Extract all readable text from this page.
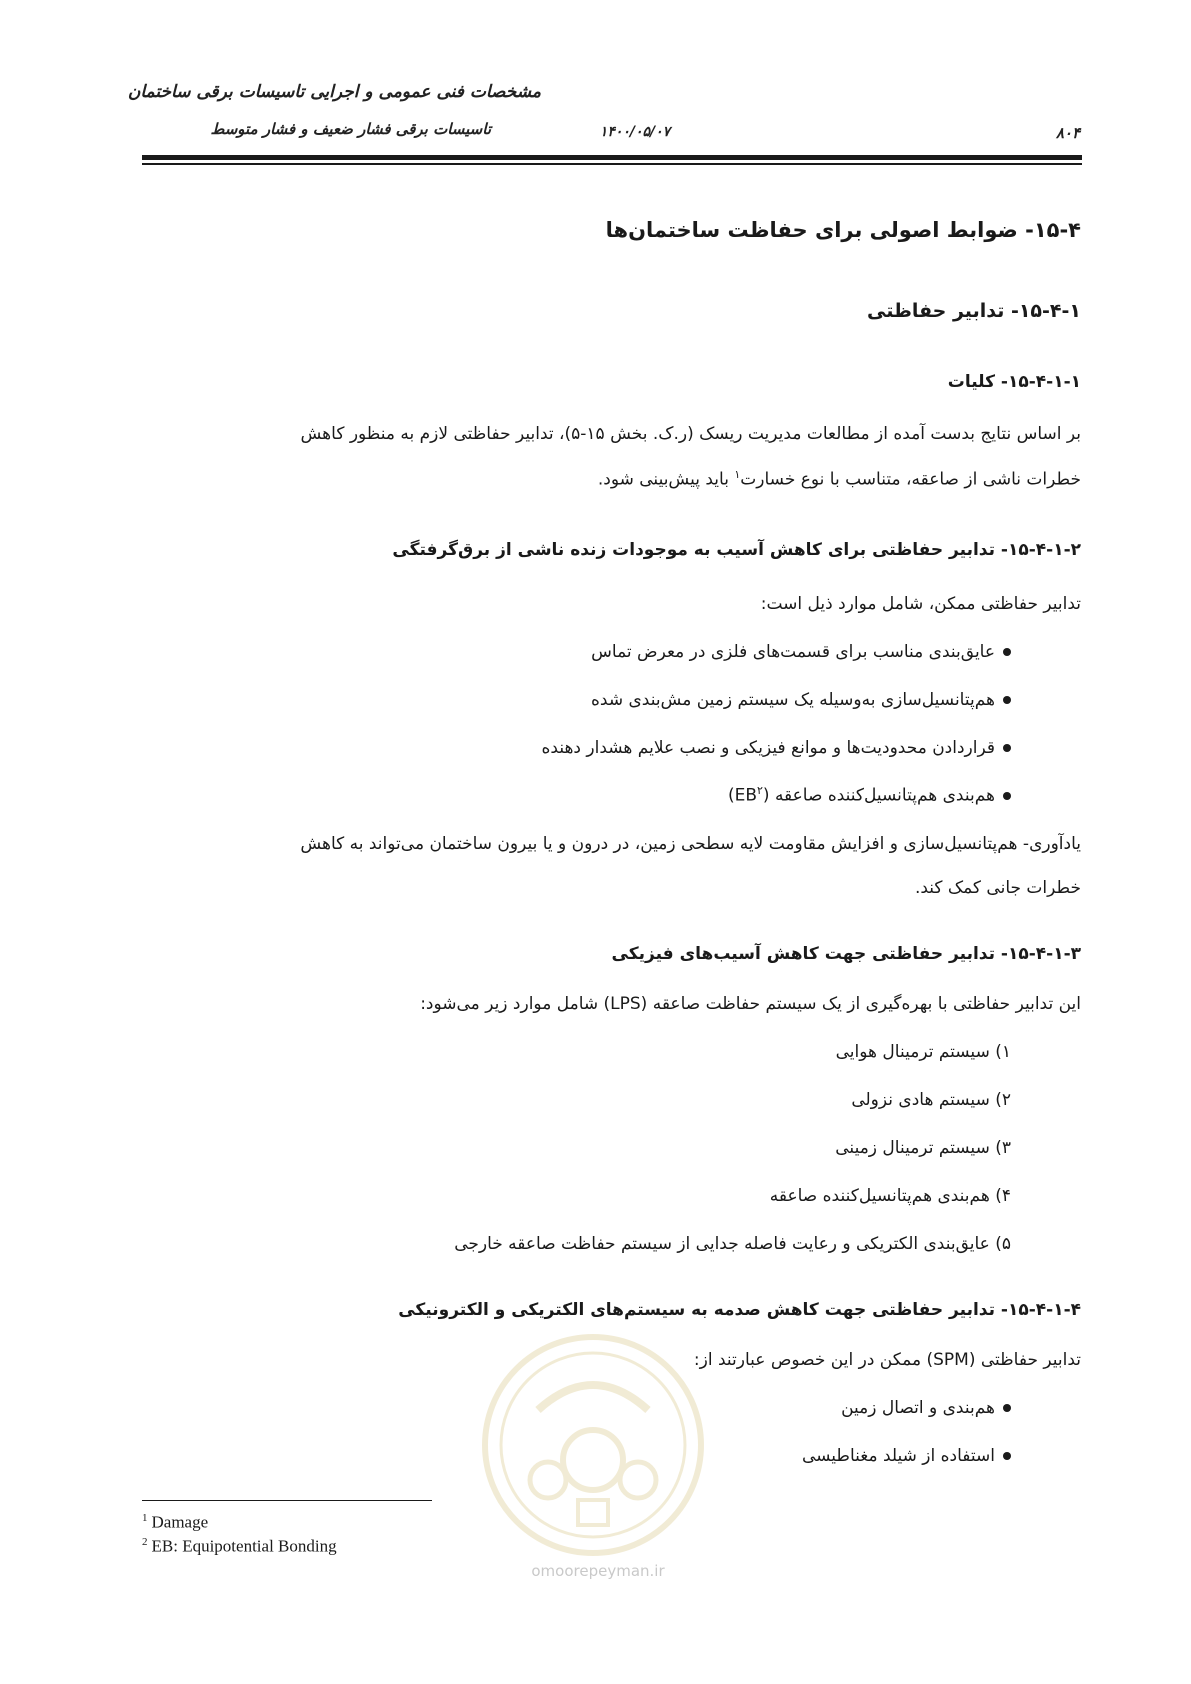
مشخصات فنی عمومی و اجرایی تاسیسات برقی ساختمان
تاسیسات برقی فشار ضعیف و فشار متوسط	۱۴۰۰/۰۵/۰۷	۸۰۴
۱۵-۴- ضوابط اصولی برای حفاظت ساختمان‌ها
۱۵-۴-۱- تدابیر حفاظتی
۱۵-۴-۱-۱- کلیات
بر اساس نتایج بدست آمده از مطالعات مدیریت ریسک (ر.ک. بخش ۱۵-۵)، تدابیر حفاظتی لازم به منظور کاهش
خطرات ناشی از صاعقه، متناسب با نوع خسارت$^۱$ باید پیش‌بینی شود.
۱۵-۴-۱-۲- تدابیر حفاظتی برای کاهش آسیب به موجودات زنده ناشی از برق‌گرفتگی
تدابیر حفاظتی ممکن، شامل موارد ذیل است:
عایق‌بندی مناسب برای قسمت‌های فلزی در معرض تماس
هم‌پتانسیل‌سازی به‌وسیله یک سیستم زمین مش‌بندی شده
قراردادن محدودیت‌ها و موانع فیزیکی و نصب علایم هشدار دهنده
هم‌بندی هم‌پتانسیل‌کننده صاعقه $(EB^۲)$
یادآوری- هم‌پتانسیل‌سازی و افزایش مقاومت لایه سطحی زمین، در درون و یا بیرون ساختمان می‌تواند به کاهش
خطرات جانی کمک کند.
۱۵-۴-۱-۳- تدابیر حفاظتی جهت کاهش آسیب‌های فیزیکی
این تدابیر حفاظتی با بهره‌گیری از یک سیستم حفاظت صاعقه (LPS) شامل موارد زیر می‌شود:
۱) سیستم ترمینال هوایی
۲) سیستم هادی نزولی
۳) سیستم ترمینال زمینی
۴) هم‌بندی هم‌پتانسیل‌کننده صاعقه
۵) عایق‌بندی الکتریکی و رعایت فاصله جدایی از سیستم حفاظت صاعقه خارجی
۱۵-۴-۱-۴- تدابیر حفاظتی جهت کاهش صدمه به سیستم‌های الکتریکی و الکترونیکی
تدابیر حفاظتی (SPM) ممکن در این خصوص عبارتند از:
هم‌بندی و اتصال زمین
استفاده از شیلد مغناطیسی
omoorepeyman.ir
$^1$ Damage
$^2$ EB: Equipotential Bonding
